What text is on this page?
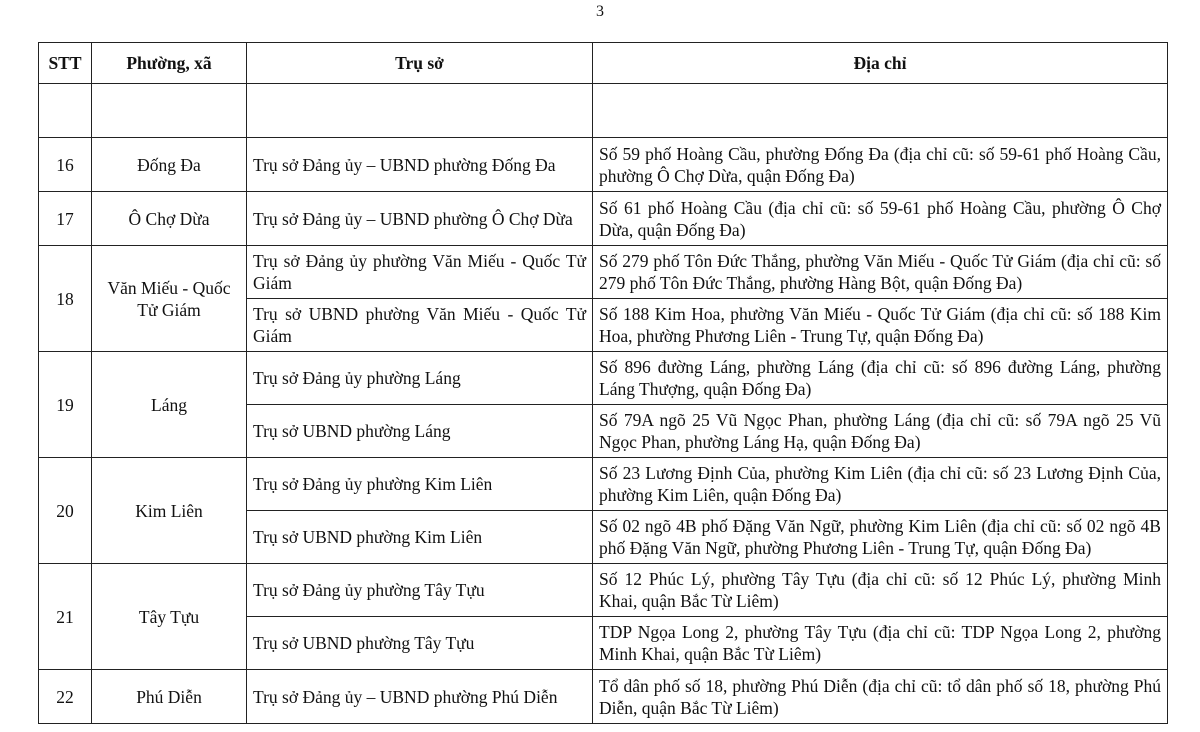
3
STT	Phường, xã	Trụ sở	Địa chỉ

16	Đống Đa	Trụ sở Đảng ủy – UBND phường Đống Đa	Số 59 phố Hoàng Cầu, phường Đống Đa (địa chỉ cũ: số 59-61 phố Hoàng Cầu, phường Ô Chợ Dừa, quận Đống Đa)
17	Ô Chợ Dừa	Trụ sở Đảng ủy – UBND phường Ô Chợ Dừa	Số 61 phố Hoàng Cầu (địa chỉ cũ: số 59-61 phố Hoàng Cầu, phường Ô Chợ Dừa, quận Đống Đa)
18	Văn Miếu - Quốc Tử Giám	Trụ sở Đảng ủy phường Văn Miếu - Quốc Tử Giám	Số 279 phố Tôn Đức Thắng, phường Văn Miếu - Quốc Tử Giám (địa chỉ cũ: số 279 phố Tôn Đức Thắng, phường Hàng Bột, quận Đống Đa)
		Trụ sở UBND phường Văn Miếu - Quốc Tử Giám	Số 188 Kim Hoa, phường Văn Miếu - Quốc Tử Giám (địa chỉ cũ: số 188 Kim Hoa, phường Phương Liên - Trung Tự, quận Đống Đa)
19	Láng	Trụ sở Đảng ủy phường Láng	Số 896 đường Láng, phường Láng (địa chỉ cũ: số 896 đường Láng, phường Láng Thượng, quận Đống Đa)
		Trụ sở UBND phường Láng	Số 79A ngõ 25 Vũ Ngọc Phan, phường Láng (địa chỉ cũ: số 79A ngõ 25 Vũ Ngọc Phan, phường Láng Hạ, quận Đống Đa)
20	Kim Liên	Trụ sở Đảng ủy phường Kim Liên	Số 23 Lương Định Của, phường Kim Liên (địa chỉ cũ: số 23 Lương Định Của, phường Kim Liên, quận Đống Đa)
		Trụ sở UBND phường Kim Liên	Số 02 ngõ 4B phố Đặng Văn Ngữ, phường Kim Liên (địa chỉ cũ: số 02 ngõ 4B phố Đặng Văn Ngữ, phường Phương Liên - Trung Tự, quận Đống Đa)
21	Tây Tựu	Trụ sở Đảng ủy phường Tây Tựu	Số 12 Phúc Lý, phường Tây Tựu (địa chỉ cũ: số 12 Phúc Lý, phường Minh Khai, quận Bắc Từ Liêm)
		Trụ sở UBND phường Tây Tựu	TDP Ngọa Long 2, phường Tây Tựu (địa chỉ cũ: TDP Ngọa Long 2, phường Minh Khai, quận Bắc Từ Liêm)
22	Phú Diễn	Trụ sở Đảng ủy – UBND phường Phú Diễn	Tổ dân phố số 18, phường Phú Diễn (địa chỉ cũ: tổ dân phố số 18, phường Phú Diễn, quận Bắc Từ Liêm)
